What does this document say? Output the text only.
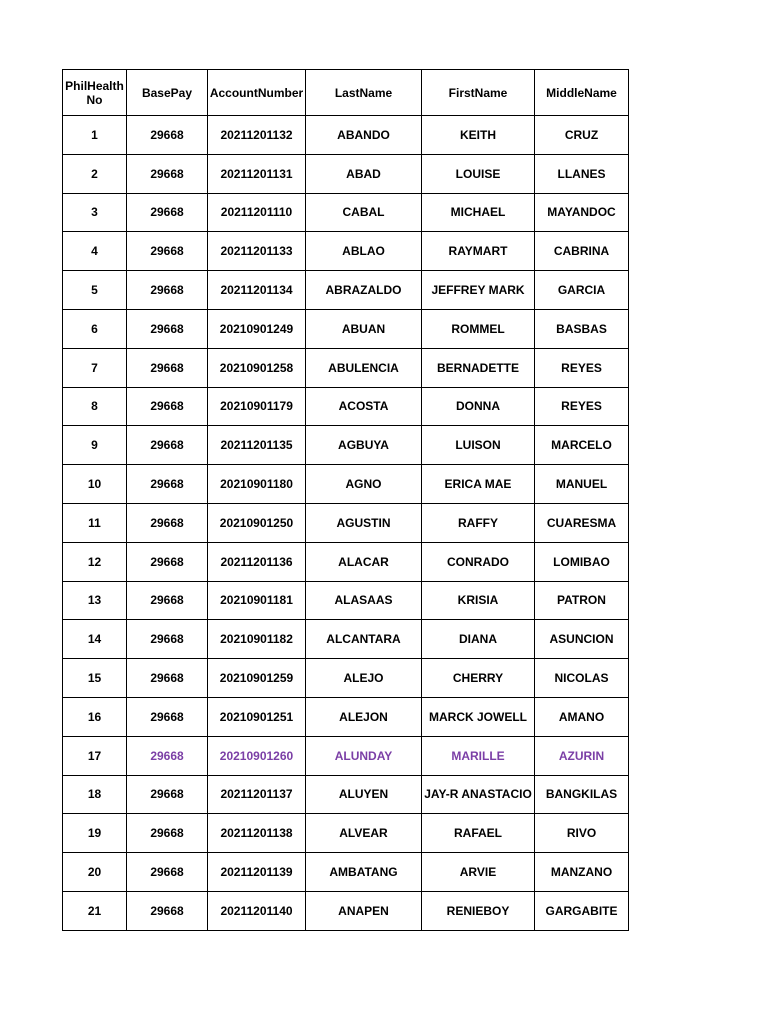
PhilHealth No	BasePay	AccountNumber	LastName	FirstName	MiddleName
1	29668	20211201132	ABANDO	KEITH	CRUZ
2	29668	20211201131	ABAD	LOUISE	LLANES
3	29668	20211201110	CABAL	MICHAEL	MAYANDOC
4	29668	20211201133	ABLAO	RAYMART	CABRINA
5	29668	20211201134	ABRAZALDO	JEFFREY MARK	GARCIA
6	29668	20210901249	ABUAN	ROMMEL	BASBAS
7	29668	20210901258	ABULENCIA	BERNADETTE	REYES
8	29668	20210901179	ACOSTA	DONNA	REYES
9	29668	20211201135	AGBUYA	LUISON	MARCELO
10	29668	20210901180	AGNO	ERICA MAE	MANUEL
11	29668	20210901250	AGUSTIN	RAFFY	CUARESMA
12	29668	20211201136	ALACAR	CONRADO	LOMIBAO
13	29668	20210901181	ALASAAS	KRISIA	PATRON
14	29668	20210901182	ALCANTARA	DIANA	ASUNCION
15	29668	20210901259	ALEJO	CHERRY	NICOLAS
16	29668	20210901251	ALEJON	MARCK JOWELL	AMANO
17	29668	20210901260	ALUNDAY	MARILLE	AZURIN
18	29668	20211201137	ALUYEN	JAY-R ANASTACIO	BANGKILAS
19	29668	20211201138	ALVEAR	RAFAEL	RIVO
20	29668	20211201139	AMBATANG	ARVIE	MANZANO
21	29668	20211201140	ANAPEN	RENIEBOY	GARGABITE
